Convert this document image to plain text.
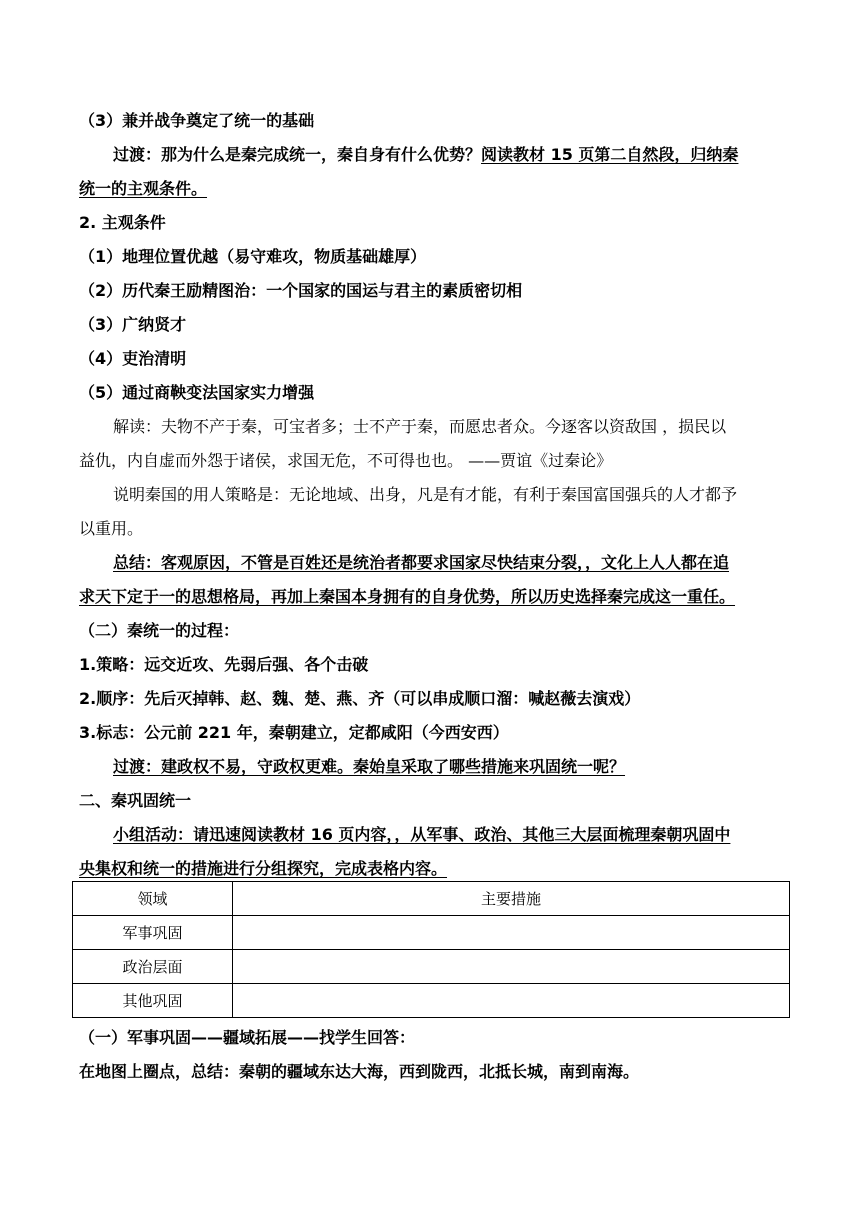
（3）兼并战争奠定了统一的基础
过渡：那为什么是秦完成统一，秦自身有什么优势？阅读教材 15 页第二自然段，归纳秦
统一的主观条件。
2. 主观条件
（1）地理位置优越（易守难攻，物质基础雄厚）
（2）历代秦王励精图治：一个国家的国运与君主的素质密切相
（3）广纳贤才
（4）吏治清明
（5）通过商鞅变法国家实力增强
解读：夫物不产于秦，可宝者多；士不产于秦，而愿忠者众。今逐客以资敌国 ，损民以
益仇，内自虚而外怨于诸侯，求国无危，不可得也也。 ——贾谊《过秦论》
说明秦国的用人策略是：无论地域、出身，凡是有才能，有利于秦国富国强兵的人才都予
以重用。
总结：客观原因，不管是百姓还是统治者都要求国家尽快结束分裂，，文化上人人都在追
求天下定于一的思想格局，再加上秦国本身拥有的自身优势，所以历史选择秦完成这一重任。
（二）秦统一的过程：
1.策略：远交近攻、先弱后强、各个击破
2.顺序：先后灭掉韩、赵、魏、楚、燕、齐（可以串成顺口溜：喊赵薇去演戏）
3.标志：公元前 221 年，秦朝建立，定都咸阳（今西安西）
过渡：建政权不易，守政权更难。秦始皇采取了哪些措施来巩固统一呢？
二、秦巩固统一
小组活动：请迅速阅读教材 16 页内容，，从军事、政治、其他三大层面梳理秦朝巩固中
央集权和统一的措施进行分组探究，完成表格内容。
领域	主要措施
军事巩固	
政治层面	
其他巩固	
（一）军事巩固——疆域拓展——找学生回答：
在地图上圈点，总结：秦朝的疆域东达大海，西到陇西，北抵长城，南到南海。
